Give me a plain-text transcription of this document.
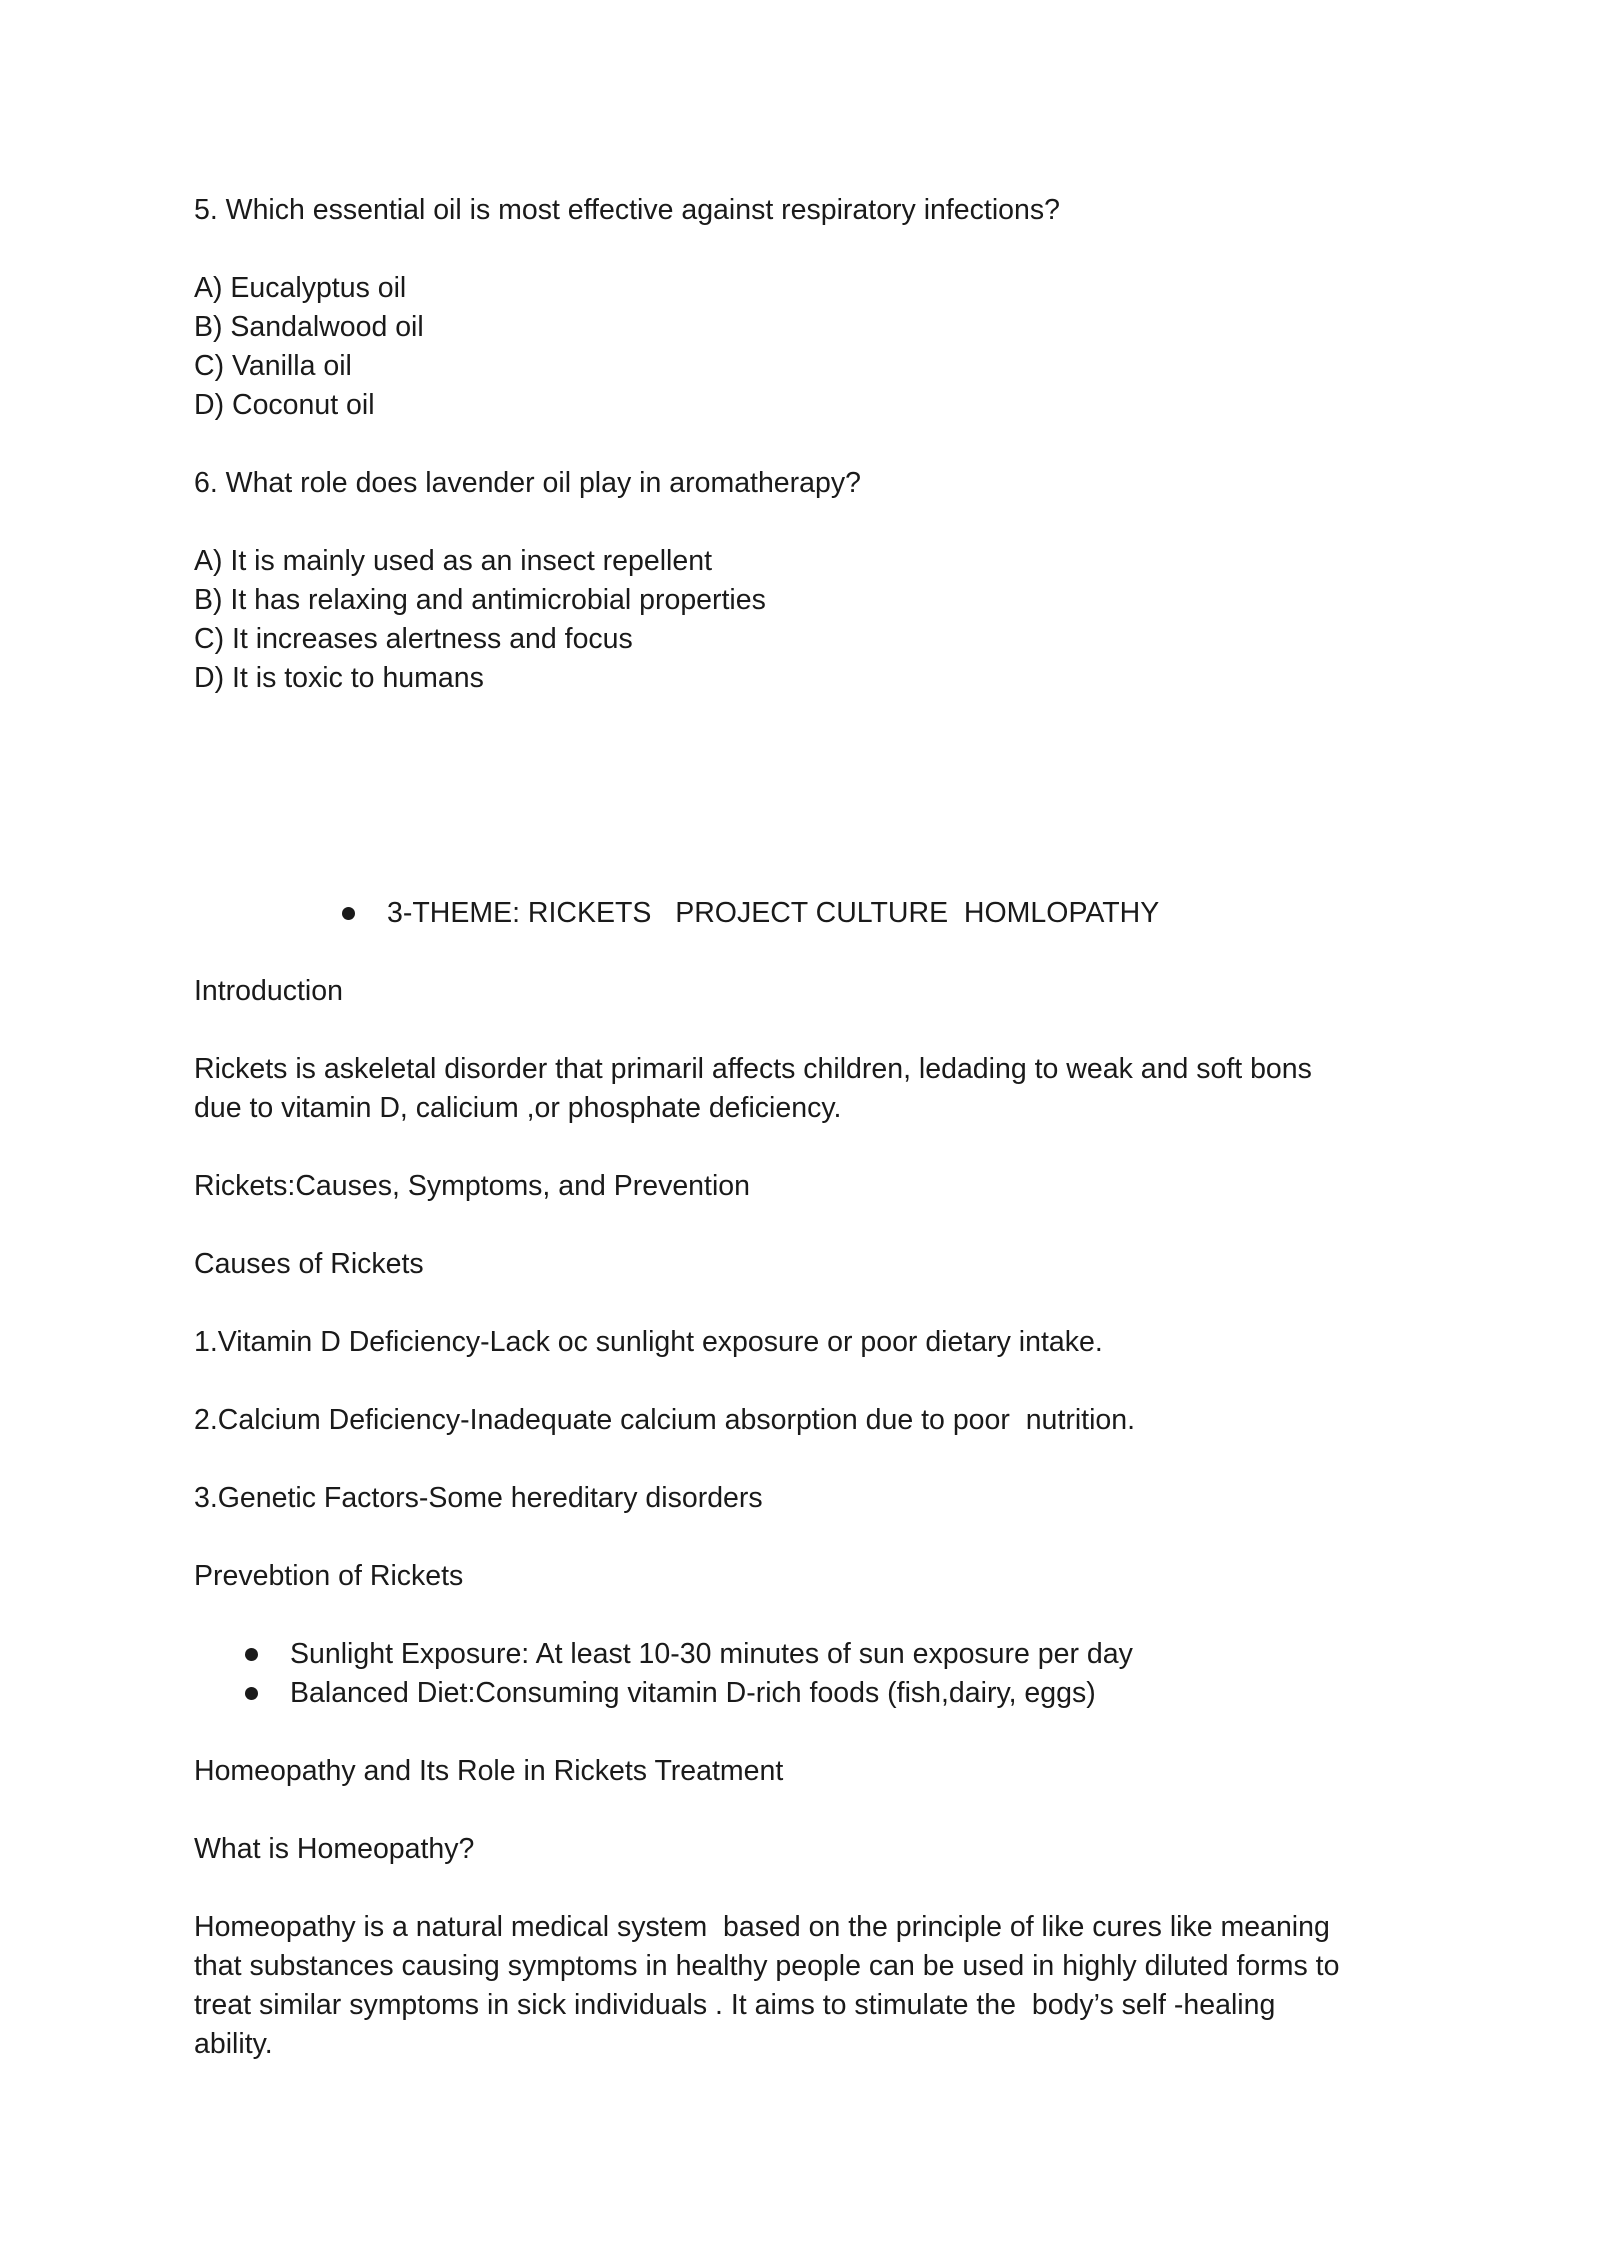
5. Which essential oil is most effective against respiratory infections?
A) Eucalyptus oil
B) Sandalwood oil
C) Vanilla oil
D) Coconut oil
6. What role does lavender oil play in aromatherapy?
A) It is mainly used as an insect repellent
B) It has relaxing and antimicrobial properties
C) It increases alertness and focus
D) It is toxic to humans
3-THEME: RICKETS   PROJECT CULTURE  HOMLOPATHY
Introduction
Rickets is askeletal disorder that primaril affects children, ledading to weak and soft bons
due to vitamin D, calicium ,or phosphate deficiency.
Rickets:Causes, Symptoms, and Prevention
Causes of Rickets
1.Vitamin D Deficiency-Lack oc sunlight exposure or poor dietary intake.
2.Calcium Deficiency-Inadequate calcium absorption due to poor  nutrition.
3.Genetic Factors-Some hereditary disorders
Prevebtion of Rickets
Sunlight Exposure: At least 10-30 minutes of sun exposure per day
Balanced Diet:Consuming vitamin D-rich foods (fish,dairy, eggs)
Homeopathy and Its Role in Rickets Treatment
What is Homeopathy?
Homeopathy is a natural medical system  based on the principle of like cures like meaning
that substances causing symptoms in healthy people can be used in highly diluted forms to
treat similar symptoms in sick individuals . It aims to stimulate the  body’s self -healing
ability.
